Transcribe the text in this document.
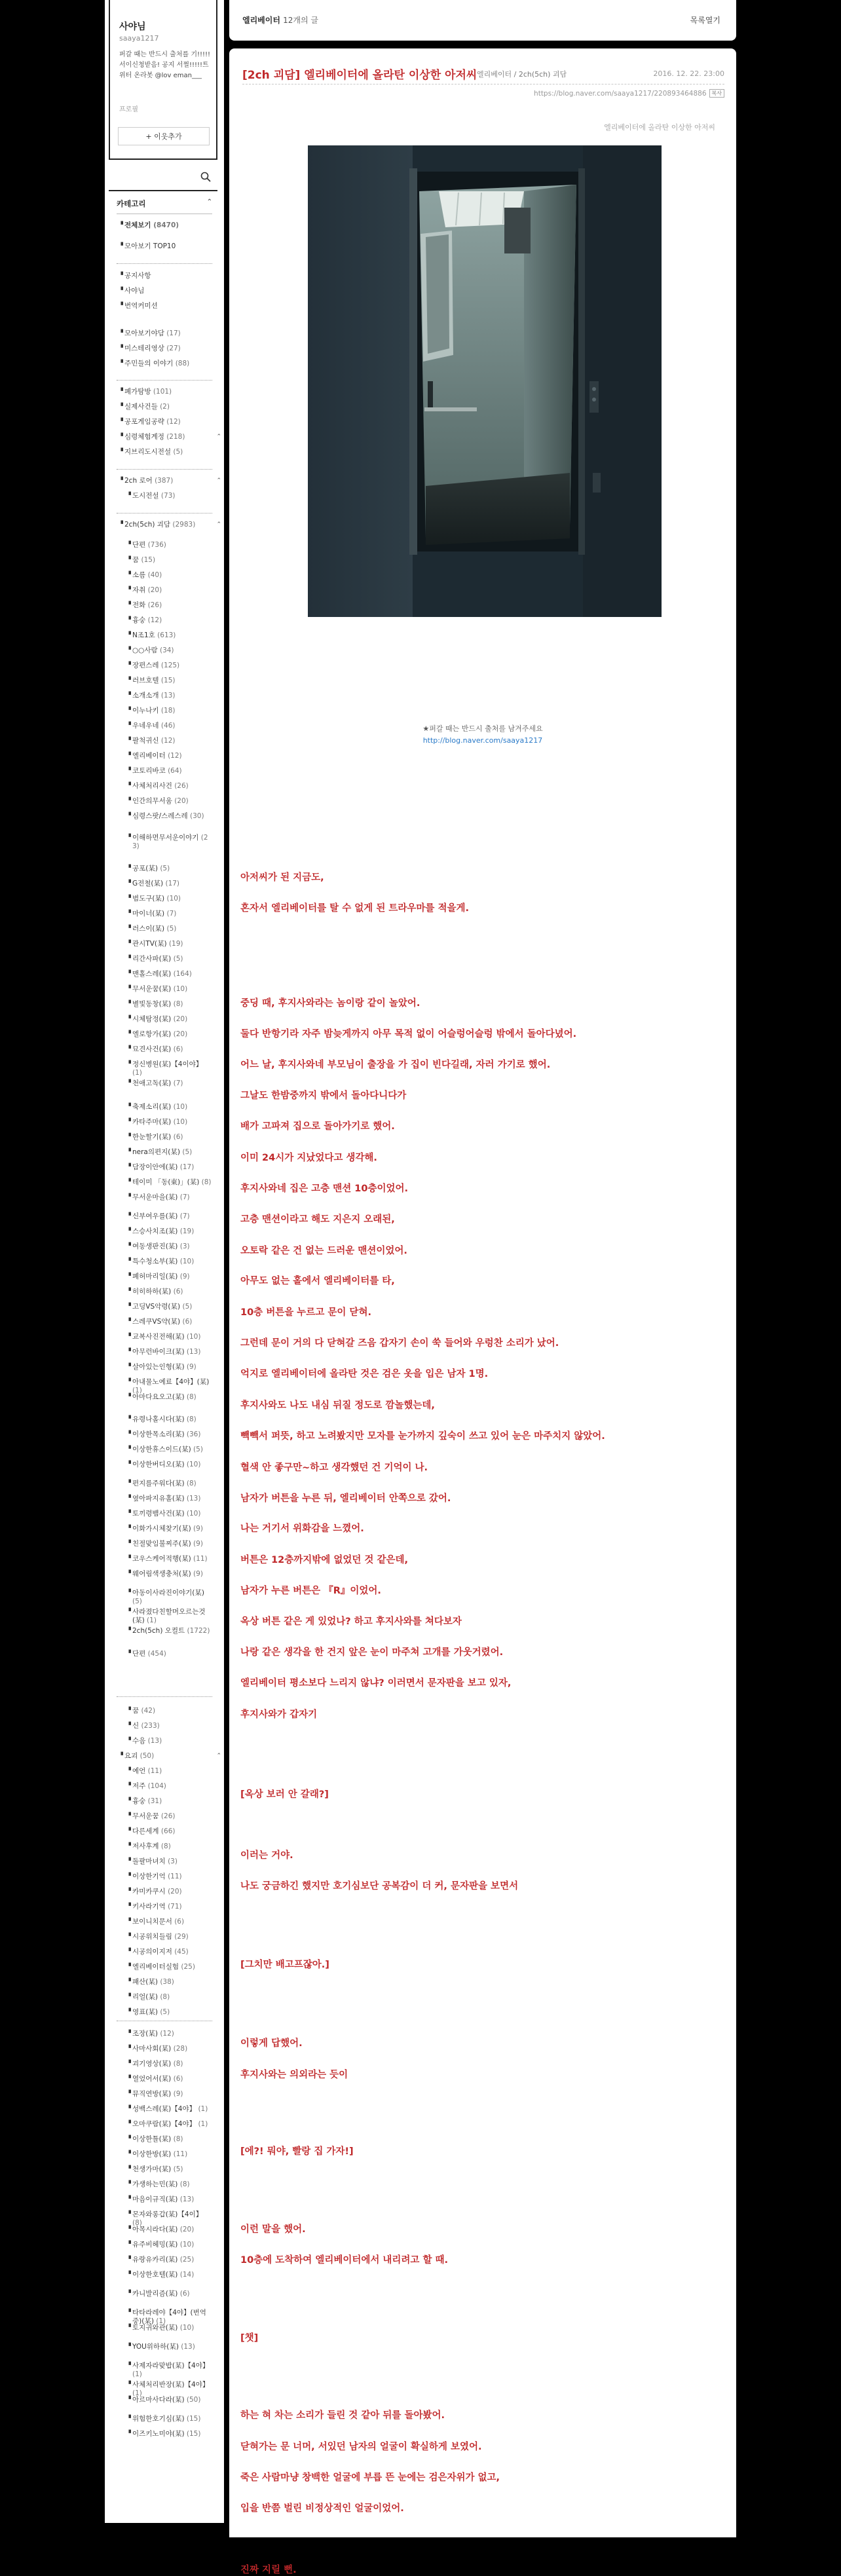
사야님
saaya1217
퍼갈 때는 반드시 출처를 기!!!!! 서이신청받음! 공지 서쩔!!!!!트위터 온라봇 @lov eman___
프로필
+ 이웃추가
카테고리	⌃
▝ 전체보기 (8470)
▝ 모아보기 TOP10
▝ 공지사항
▝ 사야님
▝ 번역커미션
▝ 모아보기야담 (17)
▝ 미스테리영상 (27)
▝ 주민들의 이야기 (88)
▝ 폐가탐방 (101)
▝ 실제사건들 (2)
▝ 공포게임공략 (12)
▝ 심령체험계정 (218)	⌃
▝ 지브리도시전설 (5)
▝ 2ch 로어 (387)	⌃
▝ 도시전설 (73)
▝ 2ch(5ch) 괴담 (2983)	⌃
▝ 단편 (736)
▝ 꿈 (15)
▝ 소름 (40)
▝ 자취 (20)
▝ 전화 (26)
▝ 흉숭 (12)
▝ N조1호 (613)
▝ ○○사람 (34)
▝ 장편스레 (125)
▝ 러브호텔 (15)
▝ 소개소개 (13)
▝ 이누나키 (18)
▝ 우네우네 (46)
▝ 팔척귀신 (12)
▝ 엘리베이터 (12)
▝ 코토리바코 (64)
▝ 사체처리사건 (26)
▝ 인간의무서움 (20)
▝ 심령스팟/스레스레 (30)
▝ 이해하면무서운이야기 (23)
▝ 공포(某) (5)
▝ G전철(某) (17)
▝ 범도구(某) (10)
▝ 마이너(某) (7)
▝ 러스이(某) (5)
▝ 관시TV(某) (19)
▝ 리간사파(某) (5)
▝ 맨홀스레(某) (164)
▝ 무서운꿈(某) (10)
▝ 별빛동창(某) (8)
▝ 시체탐정(某) (20)
▝ 엘로항가(某) (20)
▝ 묘견사건(某) (6)
▝ 정신병원(某)【4이야】 (1)
▝ 천애고독(某) (7)
▝ 축제소리(某) (10)
▝ 카타주마(某) (10)
▝ 한눈할기(某) (6)
▝ nera의편지(某) (5)
▝ 담장이안에(某) (17)
▝ 테이미 「동(東)」(某) (8)
▝ 무서운마을(某) (7)
▝ 신부여우를(某) (7)
▝ 스승사치조(某) (19)
▝ 여동생판진(某) (3)
▝ 특수청소부(某) (10)
▝ 폐허마리일(某) (9)
▝ 히히하하(某) (6)
▝ 고딩VS악령(某) (5)
▝ 스레쿠VS약(某) (6)
▝ 교복사진전해(某) (10)
▝ 아무런바이크(某) (13)
▝ 살아있는인형(某) (9)
▝ 아내물노예료【4야】(某) (1)
▝ 아마다요오고(某) (8)
▝ 유령나홀시다(某) (8)
▝ 이상한목소리(某) (36)
▝ 이상한휴스이드(某) (5)
▝ 이상한버디오(某) (10)
▝ 편지를주워다(某) (8)
▝ 옆아파지유홀(某) (13)
▝ 토끼령뱀사건(某) (10)
▝ 이화가시체찾기(某) (9)
▝ 친절맞임불찌주(某) (9)
▝ 코우스케어적행(某) (11)
▝ 웨어림색생충처(某) (9)
▝ 아동이사라진이야기(某) (5)
▝ 사라졌다친할머오르는것(某) (1)
▝ 2ch(5ch) 오컬트 (1722)
▝ 단편 (454)
▝ 꿈 (42)
▝ 신 (233)
▝ 수음 (13)
▝ 요괴 (50)	⌃
▝ 예언 (11)
▝ 저주 (104)
▝ 흉숭 (31)
▝ 무서운꿈 (26)
▝ 다른세계 (66)
▝ 저사후계 (8)
▝ 돌팔마녀치 (3)
▝ 이상한기억 (11)
▝ 카미카쿠시 (20)
▝ 키사라기역 (71)
▝ 보이니치문서 (6)
▝ 시공위치들림 (29)
▝ 시공의이지저 (45)
▝ 엘리베이터실험 (25)
▝ 패산(某) (38)
▝ 리얼(某) (8)
▝ 영표(某) (5)
▝ 조장(某) (12)
▝ 사마사회(某) (28)
▝ 괴기영상(某) (8)
▝ 열었어서(某) (6)
▝ 뮤직연방(某) (9)
▝ 성백스레(某)【4야】 (1)
▝ 오마쿠람(某)【4야】 (1)
▝ 이상한틀(某) (8)
▝ 이상한방(某) (11)
▝ 천생가마(某) (5)
▝ 가생하는민(某) (8)
▝ 마음이규직(某) (13)
▝ 몬자와롱갑(某)【4이】 (8)
▝ 아목시라다(某) (20)
▝ 유주비헤밍(某) (10)
▝ 유랑유카리(某) (25)
▝ 이상한호텔(某) (14)
▝ 카니발리즘(某) (6)
▝ 타타라레야【4야】(번역중)(某) (1)
▝ 토지귀와관(某) (10)
▝ YOU위하하(某) (13)
▝ 사제자라맞밥(某)【4야】 (1)
▝ 사체처리반장(某)【4야】 (1)
▝ 아르마사다라(某) (50)
▝ 위험한호기심(某) (15)
▝ 이즈키노미야(某) (15)
엘리베이터 12개의 글	목록열기
[2ch 괴담] 엘리베이터에 올라탄 이상한 아저씨 엘리베이터 / 2ch(5ch) 괴담	2016. 12. 22. 23:00
https://blog.naver.com/saaya1217/220893464886 복사
엘리베이터에 올라탄 이상한 아저씨
★퍼갈 때는 반드시 출처를 남겨주세요
http://blog.naver.com/saaya1217
아저씨가 된 지금도,
혼자서 엘리베이터를 탈 수 없게 된 트라우마를 적을게.
중딩 때, 후지사와라는 놈이랑 같이 놀았어.
둘다 반항기라 자주 밤늦게까지 아무 목적 없이 어슬렁어슬렁 밖에서 돌아다녔어.
어느 날, 후지사와네 부모님이 출장을 가 집이 빈다길래, 자러 가기로 했어.
그날도 한밤중까지 밖에서 돌아다니다가
배가 고파져 집으로 돌아가기로 했어.
이미 24시가 지났었다고 생각해.
후지사와네 집은 고층 맨션 10층이었어.
고층 맨션이라고 해도 지은지 오래된,
오토락 같은 건 없는 드러운 맨션이었어.
아무도 없는 홀에서 엘리베이터를 타,
10층 버튼을 누르고 문이 닫혀.
그런데 문이 거의 다 닫혀갈 즈음 갑자기 손이 쑥 들어와 우렁찬 소리가 났어.
억지로 엘리베이터에 올라탄 것은 검은 옷을 입은 남자 1명.
후지사와도 나도 내심 뒤질 정도로 깜놀했는데,
빽빽서 퍼뜻, 하고 노려봤지만 모자를 눈가까지 깊숙이 쓰고 있어 눈은 마주치지 않았어.
혈색 안 좋구만~하고 생각했던 건 기억이 나.
남자가 버튼을 누른 뒤, 엘리베이터 안쪽으로 갔어.
나는 거기서 위화감을 느꼈어.
버튼은 12층까지밖에 없었던 것 같은데,
남자가 누른 버튼은 『R』이었어.
옥상 버튼 같은 게 있었나? 하고 후지사와를 쳐다보자
나랑 같은 생각을 한 건지 앞은 눈이 마주쳐 고개를 가웃거렸어.
엘리베이터 평소보다 느리지 않냐? 이러면서 문자판을 보고 있자,
후지사와가 갑자기
[옥상 보러 안 갈래?]
이러는 거야.
나도 궁금하긴 했지만 호기심보단 공복감이 더 커, 문자판을 보면서
[그치만 배고프잖아.]
이렇게 답했어.
후지사와는 의외라는 듯이
[에?! 뭐야, 빨랑 집 가자!]
이런 말을 했어.
10층에 도착하여 엘리베이터에서 내리려고 할 때.
[챗]
하는 혀 차는 소리가 들린 것 같아 뒤를 돌아봤어.
닫혀가는 문 너머, 서있던 남자의 얼굴이 확실하게 보였어.
죽은 사람마냥 창백한 얼굴에 부릅 뜬 눈에는 검은자위가 없고,
입을 반쯤 벌린 비정상적인 얼굴이었어.
진짜 지릴 뻔.
